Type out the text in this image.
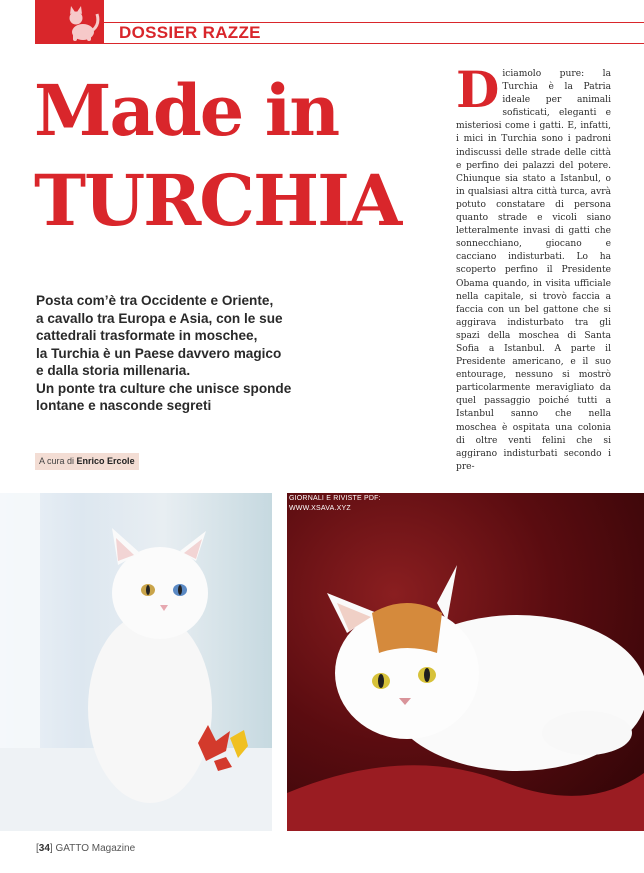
DOSSIER RAZZE
Made in
TURCHIA
Posta com’è tra Occidente e Oriente,
a cavallo tra Europa e Asia, con le sue
cattedrali trasformate in moschee,
la Turchia è un Paese davvero magico
e dalla storia millenaria.
Un ponte tra culture che unisce sponde
lontane e nasconde segreti
A cura di Enrico Ercole
D iciamolo pure: la Turchia è la Patria ideale per animali sofisticati, eleganti e misteriosi come i gatti. E, infatti, i mici in Turchia sono i padroni indiscussi delle strade delle città e perfino dei palazzi del potere. Chiunque sia stato a Istanbul, o in qualsiasi altra città turca, avrà potuto constatare di persona quanto strade e vicoli siano letteralmente invasi di gatti che sonnecchiano, giocano e cacciano indisturbati. Lo ha scoperto perfino il Presidente Obama quando, in visita ufficiale nella capitale, si trovò faccia a faccia con un bel gattone che si aggirava indisturbato tra gli spazi della moschea di Santa Sofia a Istanbul. A parte il Presidente americano, e il suo entourage, nessuno si mostrò particolarmente meravigliato da quel passaggio poiché tutti a Istanbul sanno che nella moschea è ospitata una colonia di oltre venti felini che si aggirano indisturbati secondo i pre-
GIORNALI E RIVISTE PDF:
WWW.XSAVA.XYZ
[34] GATTO Magazine
